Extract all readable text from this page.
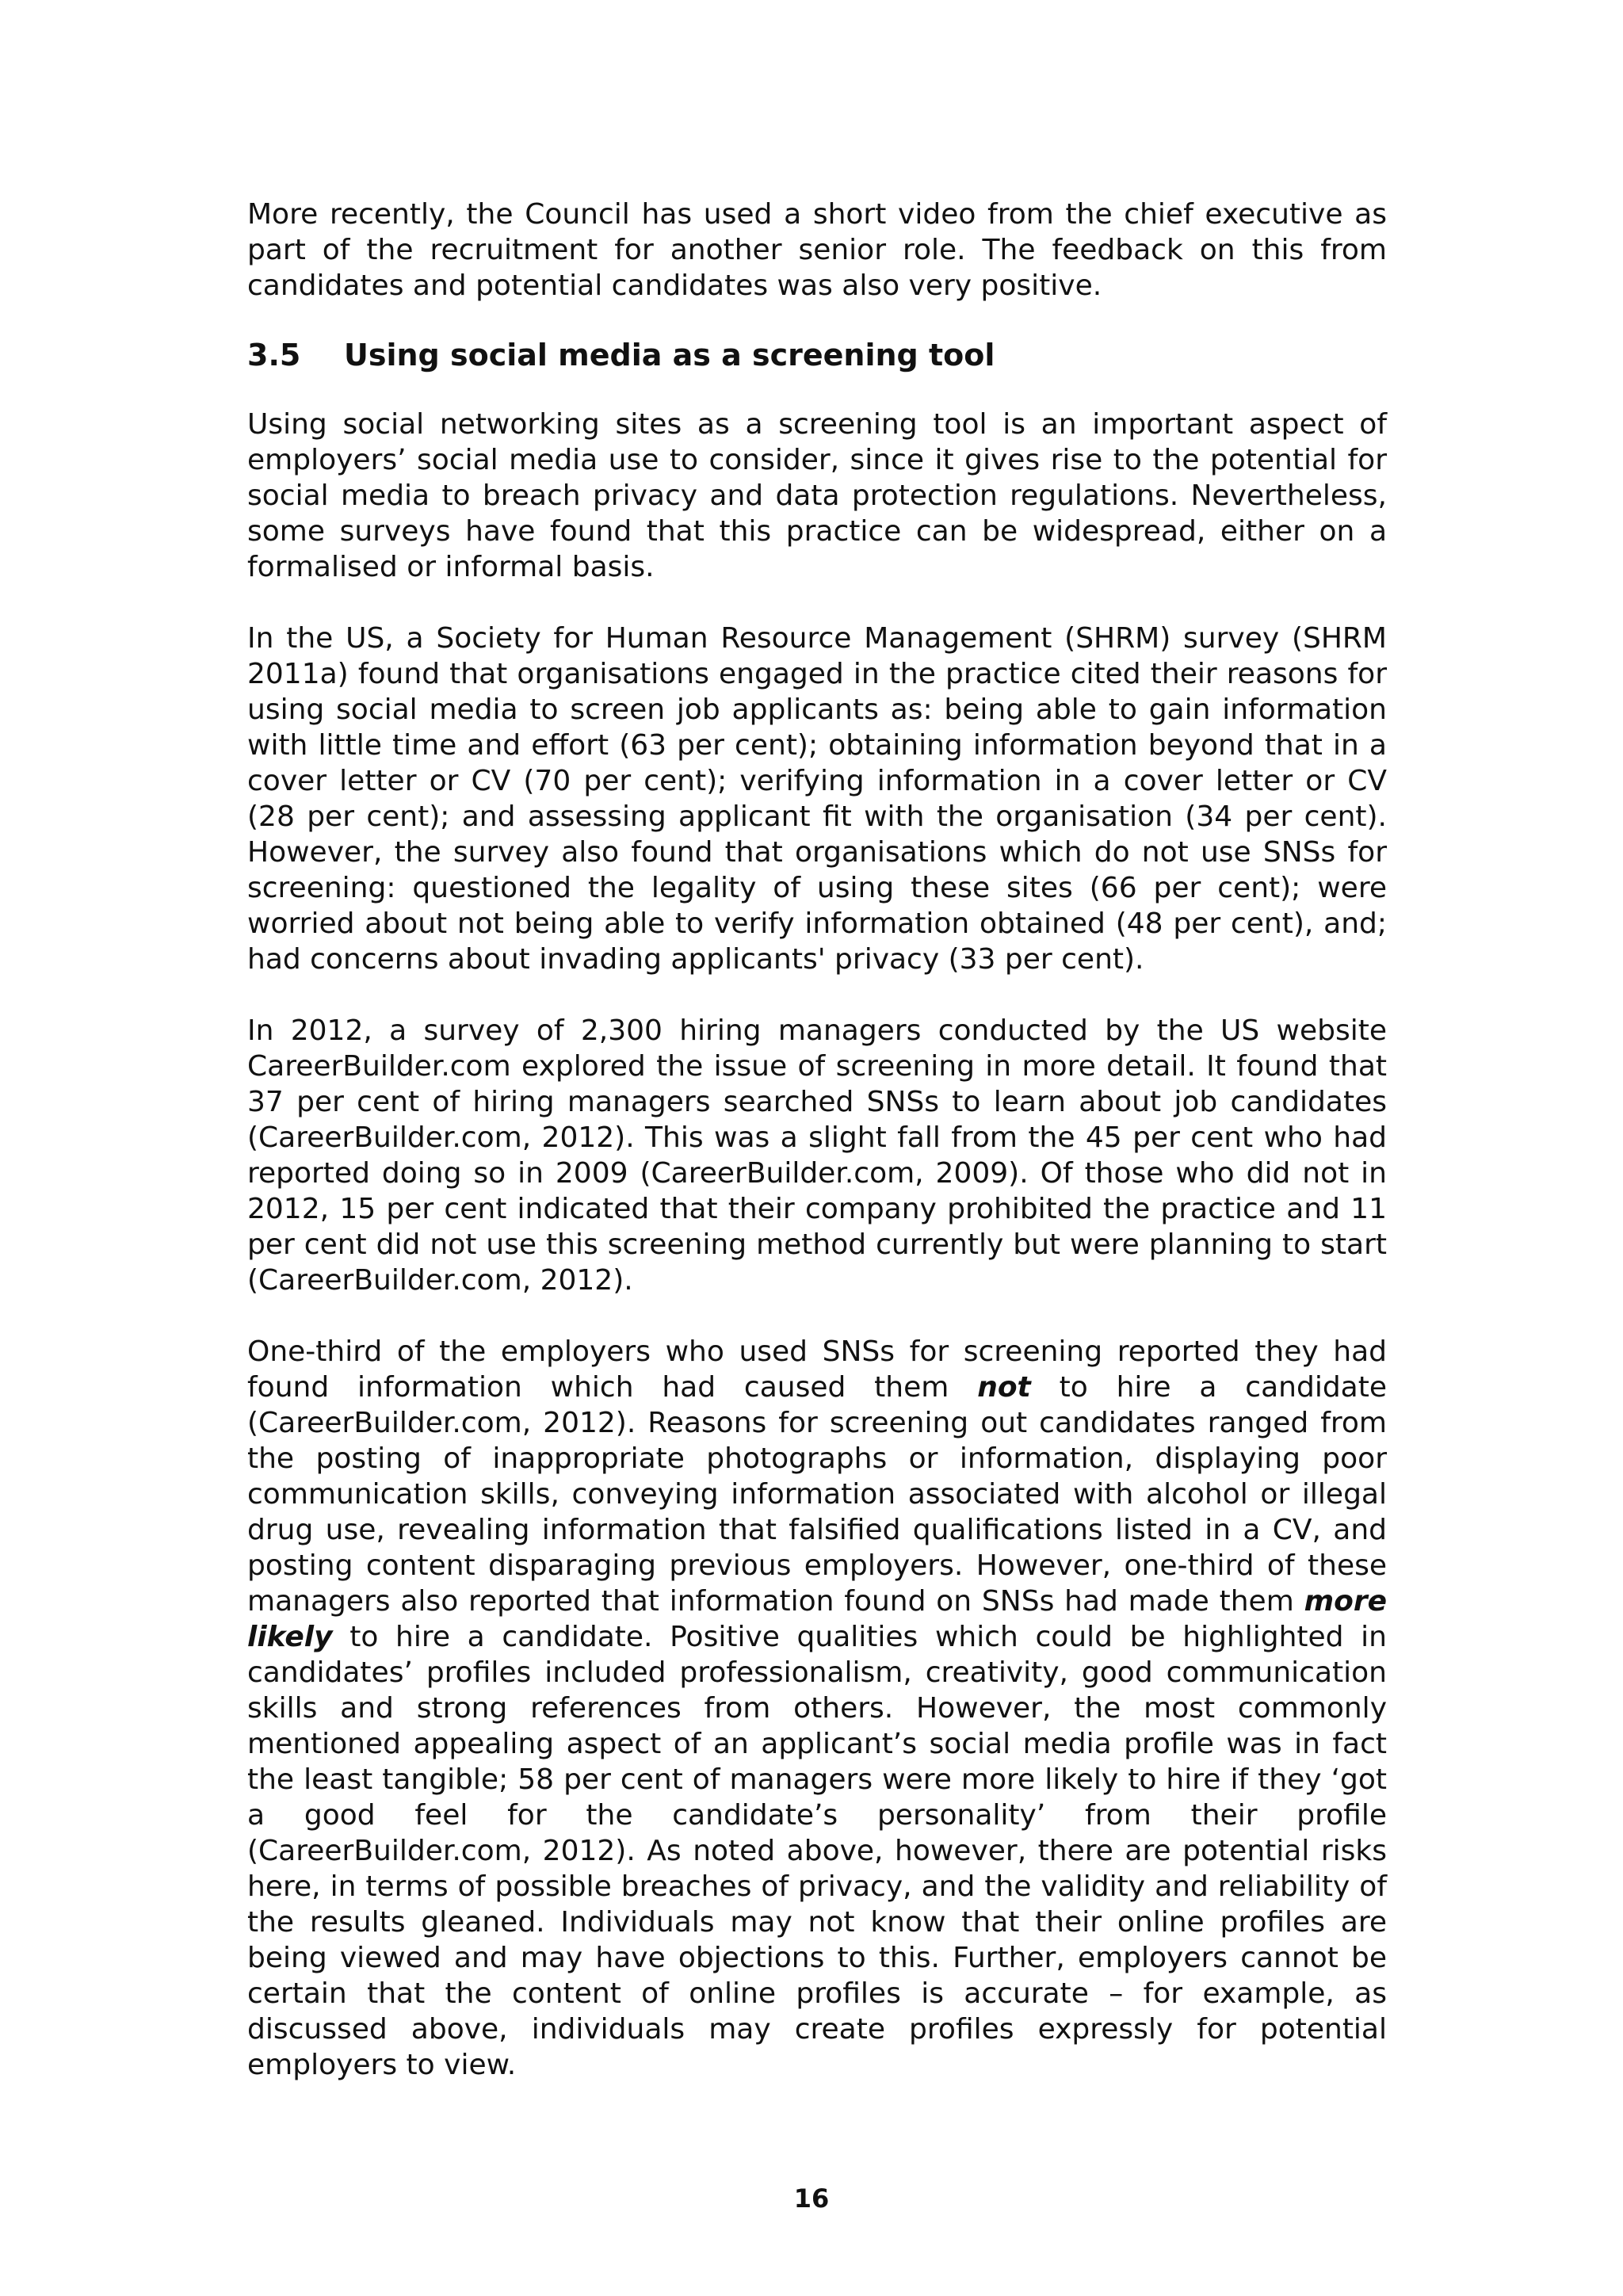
More recently, the Council has used a short video from the chief executive as part of the recruitment for another senior role. The feedback on this from candidates and potential candidates was also very positive.

3.5	Using social media as a screening tool

Using social networking sites as a screening tool is an important aspect of employers’ social media use to consider, since it gives rise to the potential for social media to breach privacy and data protection regulations. Nevertheless, some surveys have found that this practice can be widespread, either on a formalised or informal basis.

In the US, a Society for Human Resource Management (SHRM) survey (SHRM 2011a) found that organisations engaged in the practice cited their reasons for using social media to screen job applicants as: being able to gain information with little time and effort (63 per cent); obtaining information beyond that in a cover letter or CV (70 per cent); verifying information in a cover letter or CV (28 per cent); and assessing applicant fit with the organisation (34 per cent). However, the survey also found that organisations which do not use SNSs for screening: questioned the legality of using these sites (66 per cent); were worried about not being able to verify information obtained (48 per cent), and; had concerns about invading applicants' privacy (33 per cent).

In 2012, a survey of 2,300 hiring managers conducted by the US website CareerBuilder.com explored the issue of screening in more detail. It found that 37 per cent of hiring managers searched SNSs to learn about job candidates (CareerBuilder.com, 2012). This was a slight fall from the 45 per cent who had reported doing so in 2009 (CareerBuilder.com, 2009). Of those who did not in 2012, 15 per cent indicated that their company prohibited the practice and 11 per cent did not use this screening method currently but were planning to start (CareerBuilder.com, 2012).

One-third of the employers who used SNSs for screening reported they had found information which had caused them not to hire a candidate (CareerBuilder.com, 2012). Reasons for screening out candidates ranged from the posting of inappropriate photographs or information, displaying poor communication skills, conveying information associated with alcohol or illegal drug use, revealing information that falsified qualifications listed in a CV, and posting content disparaging previous employers. However, one-third of these managers also reported that information found on SNSs had made them more likely to hire a candidate. Positive qualities which could be highlighted in candidates’ profiles included professionalism, creativity, good communication skills and strong references from others. However, the most commonly mentioned appealing aspect of an applicant’s social media profile was in fact the least tangible; 58 per cent of managers were more likely to hire if they ‘got a good feel for the candidate’s personality’ from their profile (CareerBuilder.com, 2012). As noted above, however, there are potential risks here, in terms of possible breaches of privacy, and the validity and reliability of the results gleaned. Individuals may not know that their online profiles are being viewed and may have objections to this. Further, employers cannot be certain that the content of online profiles is accurate – for example, as discussed above, individuals may create profiles expressly for potential employers to view.

16
